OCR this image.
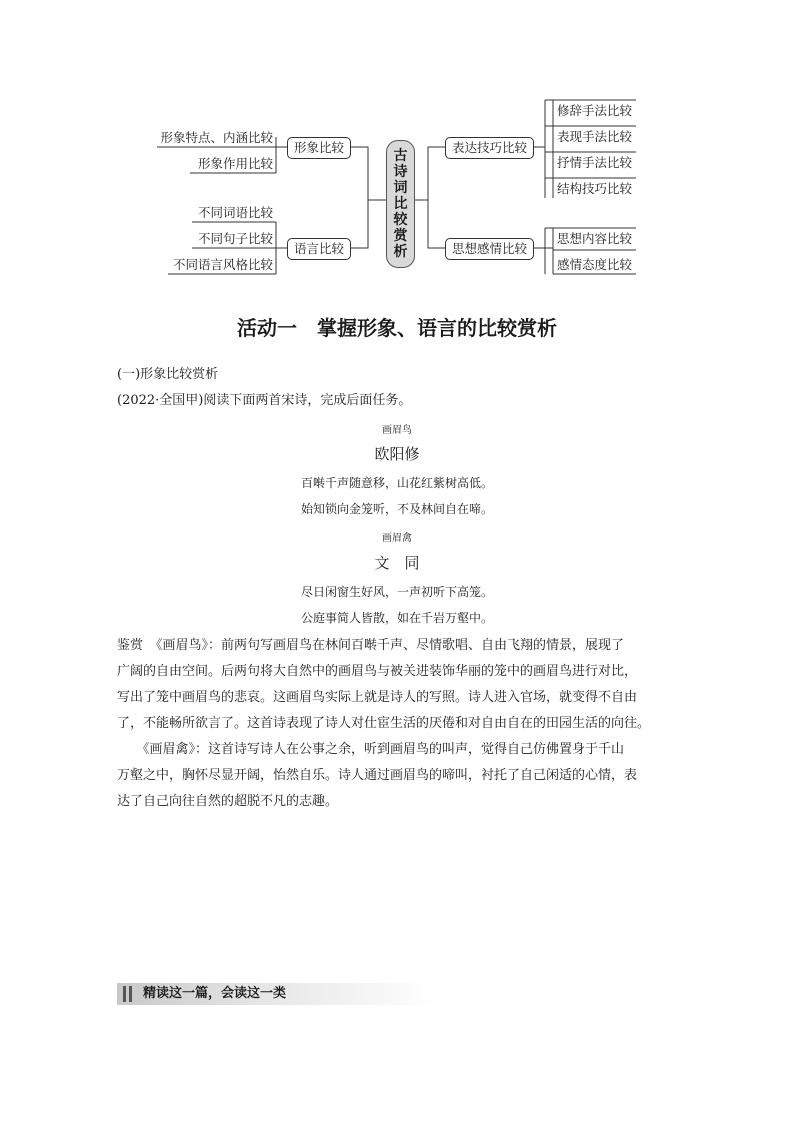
形象特点、内涵比较
形象作用比较
不同词语比较
不同句子比较
不同语言风格比较
形象比较
语言比较
古
诗
词
比
较
赏
析
表达技巧比较
思想感情比较
修辞手法比较
表现手法比较
抒情手法比较
结构技巧比较
思想内容比较
感情态度比较
活动一　掌握形象、语言的比较赏析
(一)形象比较赏析
(2022·全国甲)阅读下面两首宋诗，完成后面任务。
画眉鸟
欧阳修
百啭千声随意移，山花红紫树高低。
始知锁向金笼听，不及林间自在啼。
画眉禽
文　同
尽日闲窗生好风，一声初听下高笼。
公庭事简人皆散，如在千岩万壑中。
鉴赏　《画眉鸟》：前两句写画眉鸟在林间百啭千声、尽情歌唱、自由飞翔的情景，展现了
广阔的自由空间。后两句将大自然中的画眉鸟与被关进装饰华丽的笼中的画眉鸟进行对比，
写出了笼中画眉鸟的悲哀。这画眉鸟实际上就是诗人的写照。诗人进入官场，就变得不自由
了，不能畅所欲言了。这首诗表现了诗人对仕宦生活的厌倦和对自由自在的田园生活的向往。
　　《画眉禽》：这首诗写诗人在公事之余，听到画眉鸟的叫声，觉得自己仿佛置身于千山
万壑之中，胸怀尽显开阔，怡然自乐。诗人通过画眉鸟的啼叫，衬托了自己闲适的心情，表
达了自己向往自然的超脱不凡的志趣。
精读这一篇，会读这一类
